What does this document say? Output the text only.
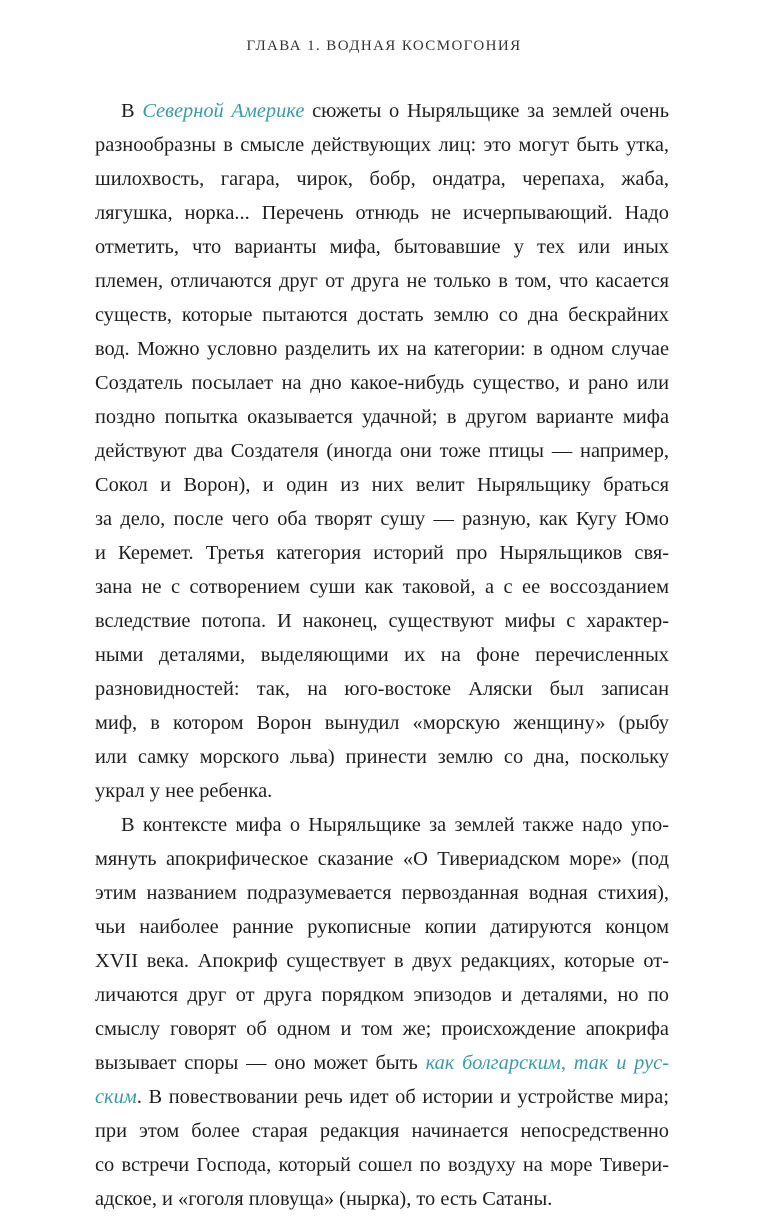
ГЛАВА 1. ВОДНАЯ КОСМОГОНИЯ
В Северной Америке сюжеты о Ныряльщике за землей очень
разнообразны в смысле действующих лиц: это могут быть утка,
шилохвость, гагара, чирок, бобр, ондатра, черепаха, жаба,
лягушка, норка... Перечень отнюдь не исчерпывающий. Надо
отметить, что варианты мифа, бытовавшие у тех или иных
племен, отличаются друг от друга не только в том, что касается
существ, которые пытаются достать землю со дна бескрайних
вод. Можно условно разделить их на категории: в одном случае
Создатель посылает на дно какое-нибудь существо, и рано или
поздно попытка оказывается удачной; в другом варианте мифа
действуют два Создателя (иногда они тоже птицы — например,
Сокол и Ворон), и один из них велит Ныряльщику браться
за дело, после чего оба творят сушу — разную, как Кугу Юмо
и Керемет. Третья категория историй про Ныряльщиков свя-
зана не с сотворением суши как таковой, а с ее воссозданием
вследствие потопа. И наконец, существуют мифы с характер-
ными деталями, выделяющими их на фоне перечисленных
разновидностей: так, на юго-востоке Аляски был записан
миф, в котором Ворон вынудил «морскую женщину» (рыбу
или самку морского льва) принести землю со дна, поскольку
украл у нее ребенка.
В контексте мифа о Ныряльщике за землей также надо упо-
мянуть апокрифическое сказание «О Тивериадском море» (под
этим названием подразумевается первозданная водная стихия),
чьи наиболее ранние рукописные копии датируются концом
XVII века. Апокриф существует в двух редакциях, которые от-
личаются друг от друга порядком эпизодов и деталями, но по
смыслу говорят об одном и том же; происхождение апокрифа
вызывает споры — оно может быть как болгарским, так и рус-
ским. В повествовании речь идет об истории и устройстве мира;
при этом более старая редакция начинается непосредственно
со встречи Господа, который сошел по воздуху на море Тивери-
адское, и «гоголя пловуща» (нырка), то есть Сатаны.
